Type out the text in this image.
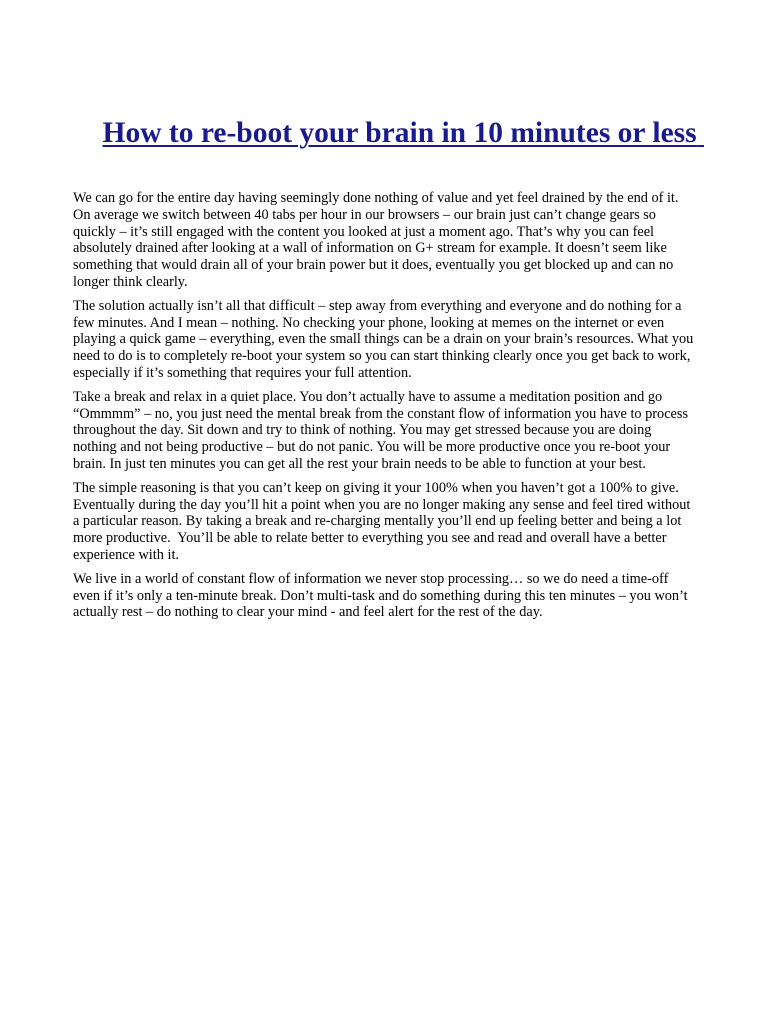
How to re-boot your brain in 10 minutes or less

We can go for the entire day having seemingly done nothing of value and yet feel drained by the end of it. On average we switch between 40 tabs per hour in our browsers – our brain just can’t change gears so quickly – it’s still engaged with the content you looked at just a moment ago. That’s why you can feel absolutely drained after looking at a wall of information on G+ stream for example. It doesn’t seem like something that would drain all of your brain power but it does, eventually you get blocked up and can no longer think clearly.

The solution actually isn’t all that difficult – step away from everything and everyone and do nothing for a few minutes. And I mean – nothing. No checking your phone, looking at memes on the internet or even playing a quick game – everything, even the small things can be a drain on your brain’s resources. What you need to do is to completely re-boot your system so you can start thinking clearly once you get back to work, especially if it’s something that requires your full attention.

Take a break and relax in a quiet place. You don’t actually have to assume a meditation position and go “Ommmm” – no, you just need the mental break from the constant flow of information you have to process throughout the day. Sit down and try to think of nothing. You may get stressed because you are doing nothing and not being productive – but do not panic. You will be more productive once you re-boot your brain. In just ten minutes you can get all the rest your brain needs to be able to function at your best.

The simple reasoning is that you can’t keep on giving it your 100% when you haven’t got a 100% to give. Eventually during the day you’ll hit a point when you are no longer making any sense and feel tired without a particular reason. By taking a break and re-charging mentally you’ll end up feeling better and being a lot more productive.  You’ll be able to relate better to everything you see and read and overall have a better experience with it.

We live in a world of constant flow of information we never stop processing… so we do need a time-off even if it’s only a ten-minute break. Don’t multi-task and do something during this ten minutes – you won’t actually rest – do nothing to clear your mind - and feel alert for the rest of the day.
